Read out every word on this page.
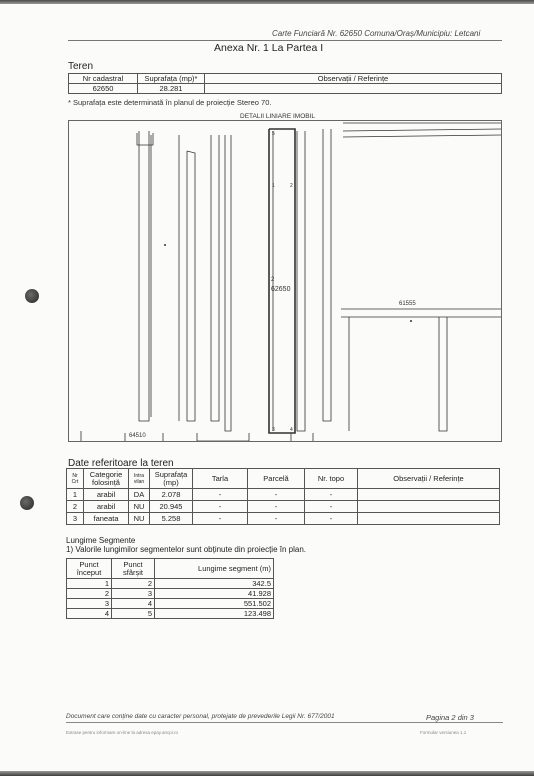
Carte Funciară Nr. 62650 Comuna/Oraș/Municipiu: Letcani
Anexa Nr. 1 La Partea I
Teren
Nr cadastral	Suprafața (mp)*	Observații / Referințe
62650	28.281	
* Suprafața este determinată în planul de proiecție Stereo 70.
DETALII LINIARE IMOBIL
2
62650
61555
64510
1	2
3	4
5
Date referitoare la teren
Nr Crt	Categorie folosință	Intra vilan	Suprafața (mp)	Tarla	Parcelă	Nr. topo	Observații / Referințe
1	arabil	DA	2.078	-	-	-	
2	arabil	NU	20.945	-	-	-	
3	faneata	NU	5.258	-	-	-	
Lungime Segmente
1) Valorile lungimilor segmentelor sunt obținute din proiecție în plan.
Punct început	Punct sfârșit	Lungime segment (m)
1	2	342.5
2	3	41.928
3	4	551.502
4	5	123.498
Document care conține date cu caracter personal, protejate de prevederile Legii Nr. 677/2001	Pagina 2 din 3
Extrase pentru informare on-line la adresa epay.ancpi.ro	Formular versiunea 1.1
